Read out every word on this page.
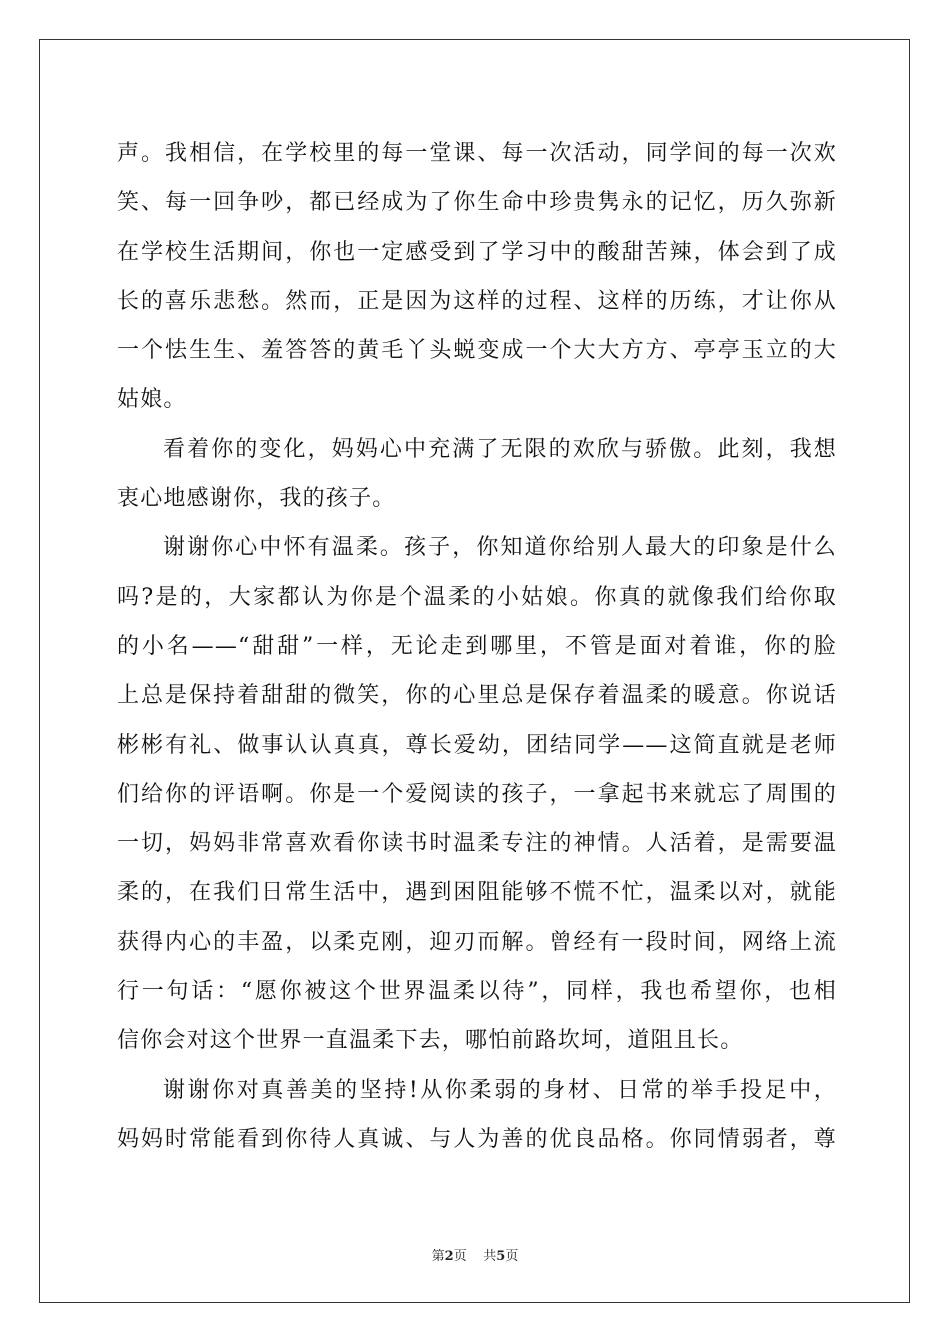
声。我相信，在学校里的每一堂课、每一次活动，同学间的每一次欢
笑、每一回争吵，都已经成为了你生命中珍贵隽永的记忆，历久弥新
在学校生活期间，你也一定感受到了学习中的酸甜苦辣，体会到了成
长的喜乐悲愁。然而，正是因为这样的过程、这样的历练，才让你从
一个怯生生、羞答答的黄毛丫头蜕变成一个大大方方、亭亭玉立的大
姑娘。
看着你的变化，妈妈心中充满了无限的欢欣与骄傲。此刻，我想
衷心地感谢你，我的孩子。
谢谢你心中怀有温柔。孩子，你知道你给别人最大的印象是什么
吗?是的，大家都认为你是个温柔的小姑娘。你真的就像我们给你取
的小名——“甜甜”一样，无论走到哪里，不管是面对着谁，你的脸
上总是保持着甜甜的微笑，你的心里总是保存着温柔的暖意。你说话
彬彬有礼、做事认认真真，尊长爱幼，团结同学——这简直就是老师
们给你的评语啊。你是一个爱阅读的孩子，一拿起书来就忘了周围的
一切，妈妈非常喜欢看你读书时温柔专注的神情。人活着，是需要温
柔的，在我们日常生活中，遇到困阻能够不慌不忙，温柔以对，就能
获得内心的丰盈，以柔克刚，迎刃而解。曾经有一段时间，网络上流
行一句话：“愿你被这个世界温柔以待”，同样，我也希望你，也相
信你会对这个世界一直温柔下去，哪怕前路坎坷，道阻且长。
谢谢你对真善美的坚持!从你柔弱的身材、日常的举手投足中，
妈妈时常能看到你待人真诚、与人为善的优良品格。你同情弱者，尊
第2页 共5页
